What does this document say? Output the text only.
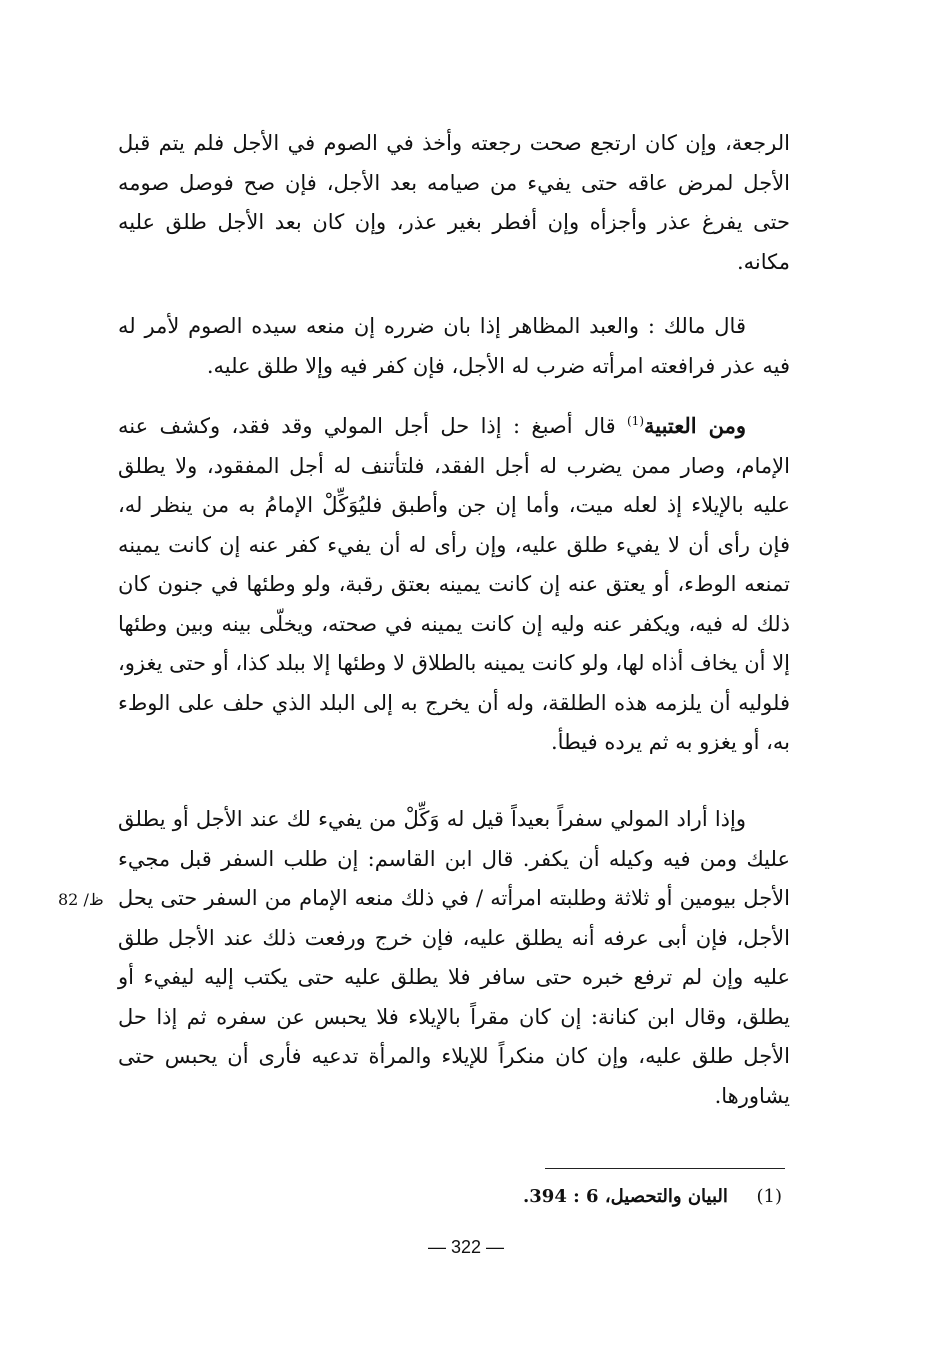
الرجعة، وإن كان ارتجع صحت رجعته وأخذ في الصوم في الأجل فلم يتم قبل الأجل لمرض عاقه حتى يفيء من صيامه بعد الأجل، فإن صح فوصل صومه حتى يفرغ عذر وأجزأه وإن أفطر بغير عذر، وإن كان بعد الأجل طلق عليه مكانه.

قال مالك : والعبد المظاهر إذا بان ضرره إن منعه سيده الصوم لأمر له فيه عذر فرافعته امرأته ضرب له الأجل، فإن كفر فيه وإلا طلق عليه.

ومن العتبية$^{(1)}$ قال أصبغ : إذا حل أجل المولي وقد فقد، وكشف عنه الإمام، وصار ممن يضرب له أجل الفقد، فلتأتنف له أجل المفقود، ولا يطلق عليه بالإيلاء إذ لعله ميت، وأما إن جن وأطبق فليُوَكِّلْ الإمامُ به من ينظر له، فإن رأى أن لا يفيء طلق عليه، وإن رأى له أن يفيء كفر عنه إن كانت يمينه تمنعه الوطء، أو يعتق عنه إن كانت يمينه بعتق رقبة، ولو وطئها في جنون كان ذلك له فيه، ويكفر عنه وليه إن كانت يمينه في صحته، ويخلّى بينه وبين وطئها إلا أن يخاف أذاه لها، ولو كانت يمينه بالطلاق لا وطئها إلا ببلد كذا، أو حتى يغزو، فلوليه أن يلزمه هذه الطلقة، وله أن يخرج به إلى البلد الذي حلف على الوطء به، أو يغزو به ثم يرده فيطأ.

وإذا أراد المولي سفراً بعيداً قيل له وَكِّلْ من يفيء لك عند الأجل أو يطلق عليك ومن فيه وكيله أن يكفر. قال ابن القاسم: إن طلب السفر قبل مجيء الأجل بيومين أو ثلاثة وطلبته امرأته / في ذلك منعه الإمام من السفر حتى يحل الأجل، فإن أبى عرفه أنه يطلق عليه، فإن خرج ورفعت ذلك عند الأجل طلق عليه وإن لم ترفع خبره حتى سافر فلا يطلق عليه حتى يكتب إليه ليفيء أو يطلق، وقال ابن كنانة: إن كان مقراً بالإيلاء فلا يحبس عن سفره ثم إذا حل الأجل طلق عليه، وإن كان منكراً للإيلاء والمرأة تدعيه فأرى أن يحبس حتى يشاورها.

82 /ظ
(1)     البيان والتحصيل، 6 : 394.
— 322 —
